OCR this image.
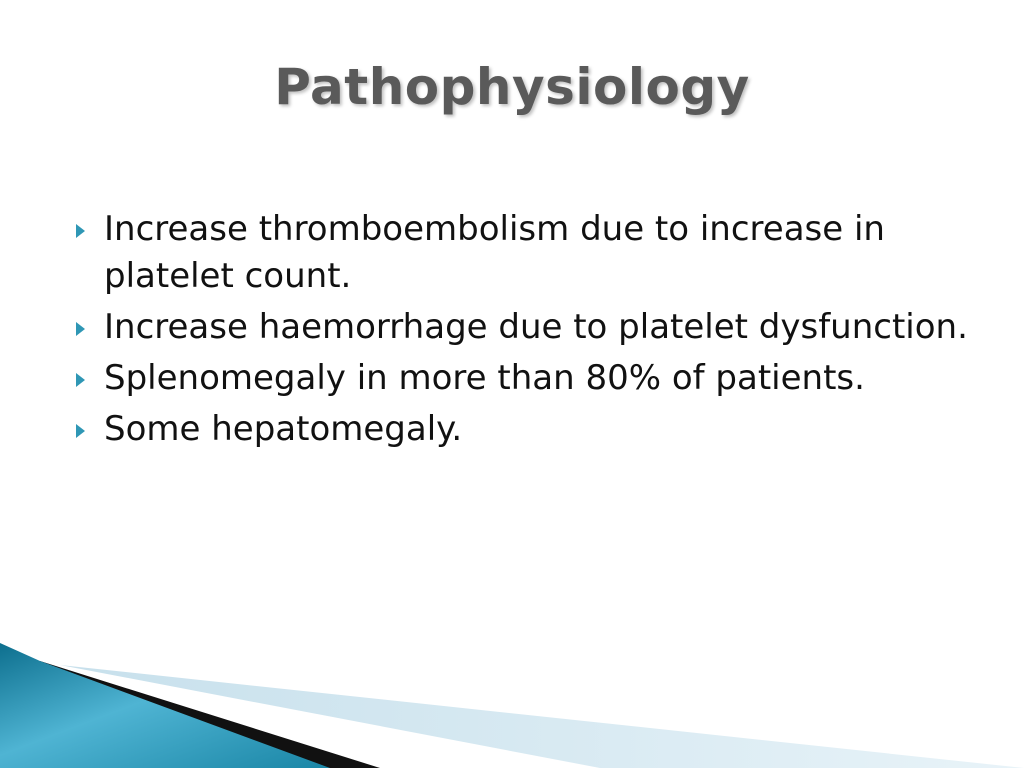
Pathophysiology
Increase thromboembolism due to increase in platelet count.
Increase haemorrhage due to platelet dysfunction.
Splenomegaly in more than 80% of patients.
Some hepatomegaly.
